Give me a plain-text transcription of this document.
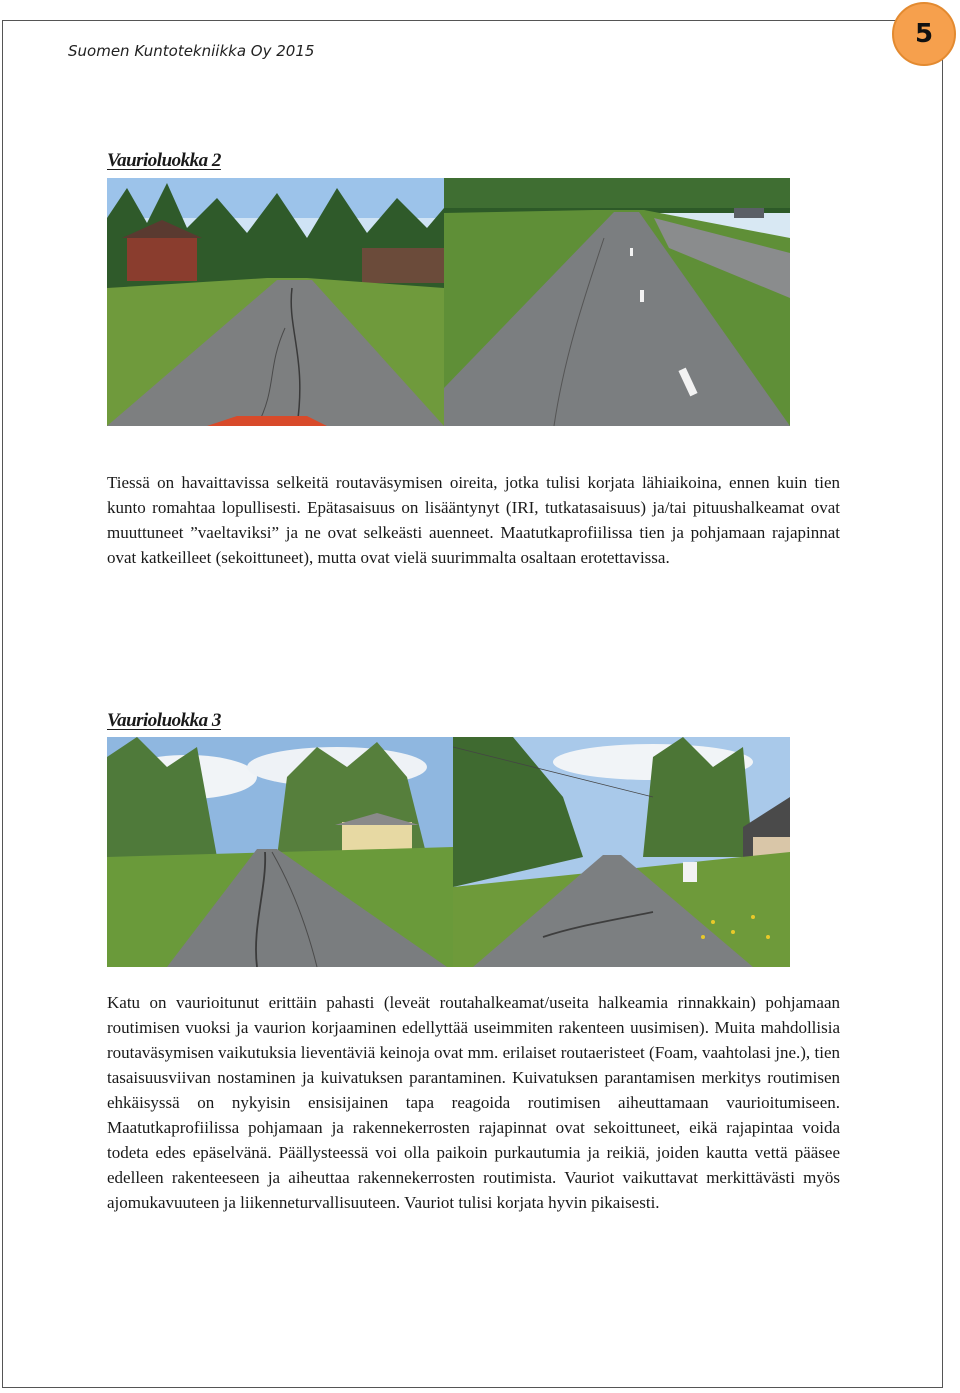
Suomen Kuntotekniikka Oy 2015
5
Vaurioluokka 2

Tiessä on havaittavissa selkeitä routaväsymisen oireita, jotka tulisi korjata lähiaikoina, ennen kuin tien kunto romahtaa lopullisesti. Epätasaisuus on lisääntynyt (IRI, tutkatasaisuus) ja/tai pituushalkeamat ovat muuttuneet ”vaeltaviksi” ja ne ovat selkeästi auenneet. Maatutkaprofiilissa tien ja pohjamaan rajapinnat ovat katkeilleet (sekoittuneet), mutta ovat vielä suurimmalta osaltaan erotettavissa.

Vaurioluokka 3

Katu on vaurioitunut erittäin pahasti (leveät routahalkeamat/useita halkeamia rinnakkain) pohjamaan routimisen vuoksi ja vaurion korjaaminen edellyttää useimmiten rakenteen uusimisen). Muita mahdollisia routaväsymisen vaikutuksia lieventäviä keinoja ovat mm. erilaiset routaeristeet (Foam, vaahtolasi jne.), tien tasaisuusviivan nostaminen ja kuivatuksen parantaminen. Kuivatuksen parantamisen merkitys routimisen ehkäisyssä on nykyisin ensisijainen tapa reagoida routimisen aiheuttamaan vaurioitumiseen. Maatutkaprofiilissa pohjamaan ja rakennekerrosten rajapinnat ovat sekoittuneet, eikä rajapintaa voida todeta edes epäselvänä. Päällysteessä voi olla paikoin purkautumia ja reikiä, joiden kautta vettä pääsee edelleen rakenteeseen ja aiheuttaa rakennekerrosten routimista. Vauriot vaikuttavat merkittävästi myös ajomukavuuteen ja liikenneturvallisuuteen. Vauriot tulisi korjata hyvin pikaisesti.
